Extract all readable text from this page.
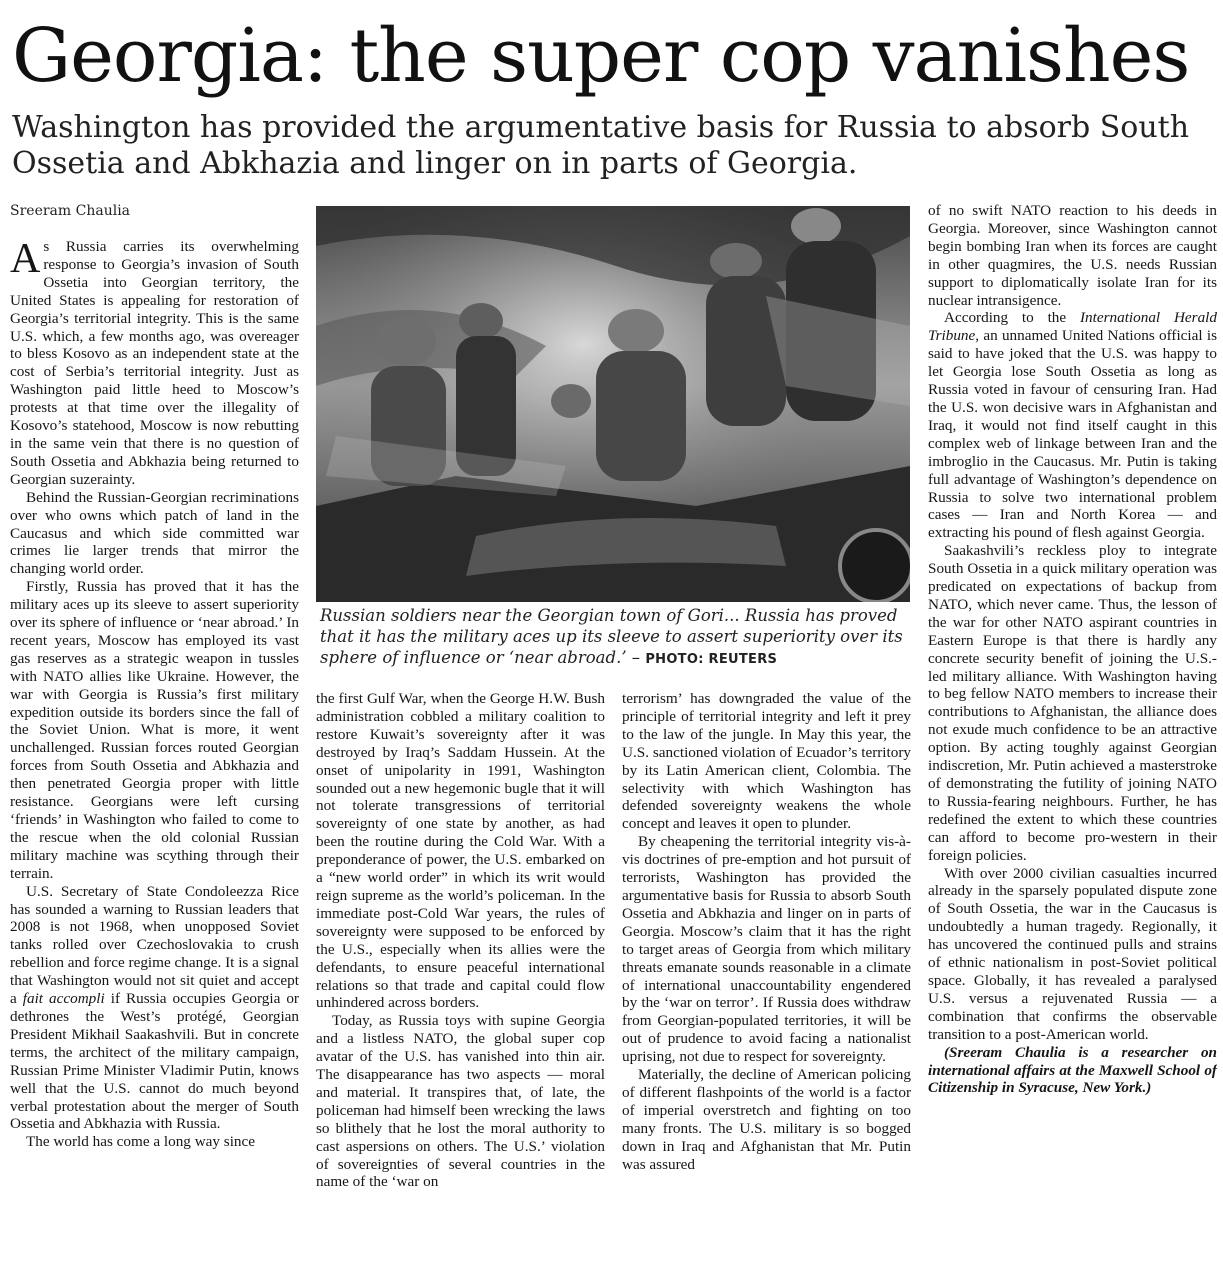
Georgia: the super cop vanishes
Washington has provided the argumentative basis for Russia to absorb South Ossetia and Abkhazia and linger on in parts of Georgia.
Sreeram Chaulia

Russian soldiers near the Georgian town of Gori... Russia has proved that it has the military aces up its sleeve to assert superiority over its sphere of influence or ‘near abroad.’ – PHOTO: REUTERS

As Russia carries its overwhelming response to Georgia’s invasion of South Ossetia into Georgian territory, the United States is appealing for restoration of Georgia’s territorial integrity. This is the same U.S. which, a few months ago, was overeager to bless Kosovo as an independent state at the cost of Serbia’s territorial integrity. Just as Washington paid little heed to Moscow’s protests at that time over the illegality of Kosovo’s statehood, Moscow is now rebutting in the same vein that there is no question of South Ossetia and Abkhazia being returned to Georgian suzerainty.

Behind the Russian-Georgian recriminations over who owns which patch of land in the Caucasus and which side committed war crimes lie larger trends that mirror the changing world order.

Firstly, Russia has proved that it has the military aces up its sleeve to assert superiority over its sphere of influence or ‘near abroad.’ In recent years, Moscow has employed its vast gas reserves as a strategic weapon in tussles with NATO allies like Ukraine. However, the war with Georgia is Russia’s first military expedition outside its borders since the fall of the Soviet Union. What is more, it went unchallenged. Russian forces routed Georgian forces from South Ossetia and Abkhazia and then penetrated Georgia proper with little resistance. Georgians were left cursing ‘friends’ in Washington who failed to come to the rescue when the old colonial Russian military machine was scything through their terrain.

U.S. Secretary of State Condoleezza Rice has sounded a warning to Russian leaders that 2008 is not 1968, when unopposed Soviet tanks rolled over Czechoslovakia to crush rebellion and force regime change. It is a signal that Washington would not sit quiet and accept a fait accompli if Russia occupies Georgia or dethrones the West’s protégé, Georgian President Mikhail Saakashvili. But in concrete terms, the architect of the military campaign, Russian Prime Minister Vladimir Putin, knows well that the U.S. cannot do much beyond verbal protestation about the merger of South Ossetia and Abkhazia with Russia.

The world has come a long way since

the first Gulf War, when the George H.W. Bush administration cobbled a military coalition to restore Kuwait’s sovereignty after it was destroyed by Iraq’s Saddam Hussein. At the onset of unipolarity in 1991, Washington sounded out a new hegemonic bugle that it will not tolerate transgressions of territorial sovereignty of one state by another, as had been the routine during the Cold War. With a preponderance of power, the U.S. embarked on a “new world order” in which its writ would reign supreme as the world’s policeman. In the immediate post-Cold War years, the rules of sovereignty were supposed to be enforced by the U.S., especially when its allies were the defendants, to ensure peaceful international relations so that trade and capital could flow unhindered across borders.

Today, as Russia toys with supine Georgia and a listless NATO, the global super cop avatar of the U.S. has vanished into thin air. The disappearance has two aspects — moral and material. It transpires that, of late, the policeman had himself been wrecking the laws so blithely that he lost the moral authority to cast aspersions on others. The U.S.’ violation of sovereignties of several countries in the name of the ‘war on

terrorism’ has downgraded the value of the principle of territorial integrity and left it prey to the law of the jungle. In May this year, the U.S. sanctioned violation of Ecuador’s territory by its Latin American client, Colombia. The selectivity with which Washington has defended sovereignty weakens the whole concept and leaves it open to plunder.

By cheapening the territorial integrity vis-à-vis doctrines of pre-emption and hot pursuit of terrorists, Washington has provided the argumentative basis for Russia to absorb South Ossetia and Abkhazia and linger on in parts of Georgia. Moscow’s claim that it has the right to target areas of Georgia from which military threats emanate sounds reasonable in a climate of international unaccountability engendered by the ‘war on terror’. If Russia does withdraw from Georgian-populated territories, it will be out of prudence to avoid facing a nationalist uprising, not due to respect for sovereignty.

Materially, the decline of American policing of different flashpoints of the world is a factor of imperial overstretch and fighting on too many fronts. The U.S. military is so bogged down in Iraq and Afghanistan that Mr. Putin was assured

of no swift NATO reaction to his deeds in Georgia. Moreover, since Washington cannot begin bombing Iran when its forces are caught in other quagmires, the U.S. needs Russian support to diplomatically isolate Iran for its nuclear intransigence.

According to the International Herald Tribune, an unnamed United Nations official is said to have joked that the U.S. was happy to let Georgia lose South Ossetia as long as Russia voted in favour of censuring Iran. Had the U.S. won decisive wars in Afghanistan and Iraq, it would not find itself caught in this complex web of linkage between Iran and the imbroglio in the Caucasus. Mr. Putin is taking full advantage of Washington’s dependence on Russia to solve two international problem cases — Iran and North Korea — and extracting his pound of flesh against Georgia.

Saakashvili’s reckless ploy to integrate South Ossetia in a quick military operation was predicated on expectations of backup from NATO, which never came. Thus, the lesson of the war for other NATO aspirant countries in Eastern Europe is that there is hardly any concrete security benefit of joining the U.S.-led military alliance. With Washington having to beg fellow NATO members to increase their contributions to Afghanistan, the alliance does not exude much confidence to be an attractive option. By acting toughly against Georgian indiscretion, Mr. Putin achieved a masterstroke of demonstrating the futility of joining NATO to Russia-fearing neighbours. Further, he has redefined the extent to which these countries can afford to become pro-western in their foreign policies.

With over 2000 civilian casualties incurred already in the sparsely populated dispute zone of South Ossetia, the war in the Caucasus is undoubtedly a human tragedy. Regionally, it has uncovered the continued pulls and strains of ethnic nationalism in post-Soviet political space. Globally, it has revealed a paralysed U.S. versus a rejuvenated Russia — a combination that confirms the observable transition to a post-American world.

(Sreeram Chaulia is a researcher on international affairs at the Maxwell School of Citizenship in Syracuse, New York.)
